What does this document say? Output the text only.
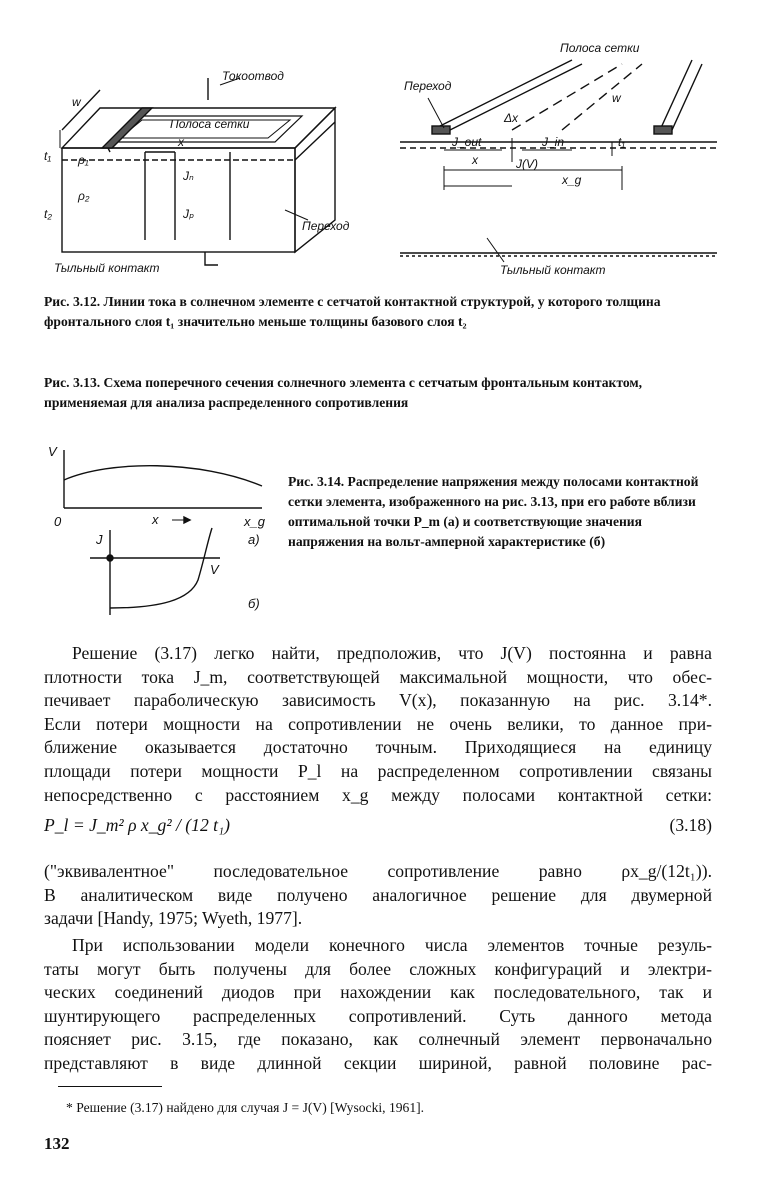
Токоотвод
Полоса сетки
Переход
Тыльный контакт
w
x
t₁
t₂
ρ₁
ρ₂
Jₙ
Jₚ
Полоса сетки
Переход
Тыльный контакт
w
Δx
J_out	J_in	t₁
x	J(V)
x_g
Рис. 3.12. Линии тока в солнечном элементе с сетчатой контактной структурой, у которого толщина фронтального слоя t₁ значительно меньше толщины базового слоя t₂
Рис. 3.13. Схема поперечного сечения солнечного элемента с сетчатым фронтальным контактом, применяемая для анализа распределенного сопротивления
V
0	x	x_g
а)
J
V
б)
Рис. 3.14. Распределение напряжения между полосами контактной сетки элемента, изображенного на рис. 3.13, при его работе вблизи оптимальной точки P_m (а) и соответствующие значения напряжения на вольт-амперной характеристике (б)
Решение (3.17) легко найти, предположив, что J(V) постоянна и равна
плотности тока J_m, соответствующей максимальной мощности, что обес-
печивает параболическую зависимость V(x), показанную на рис. 3.14*.
Если потери мощности на сопротивлении не очень велики, то данное при-
ближение оказывается достаточно точным. Приходящиеся на единицу
площади потери мощности P_l на распределенном сопротивлении связаны
непосредственно с расстоянием x_g между полосами контактной сетки:
P_l = J_m² ρ x_g² / (12 t₁)	(3.18)
("эквивалентное" последовательное сопротивление равно ρx_g/(12t₁)).
В аналитическом виде получено аналогичное решение для двумерной
задачи [Handy, 1975; Wyeth, 1977].
При использовании модели конечного числа элементов точные резуль-
таты могут быть получены для более сложных конфигураций и электри-
ческих соединений диодов при нахождении как последовательного, так и
шунтирующего распределенных сопротивлений. Суть данного метода
поясняет рис. 3.15, где показано, как солнечный элемент первоначально
представляют в виде длинной секции шириной, равной половине рас-
* Решение (3.17) найдено для случая J = J(V) [Wysocki, 1961].
132
